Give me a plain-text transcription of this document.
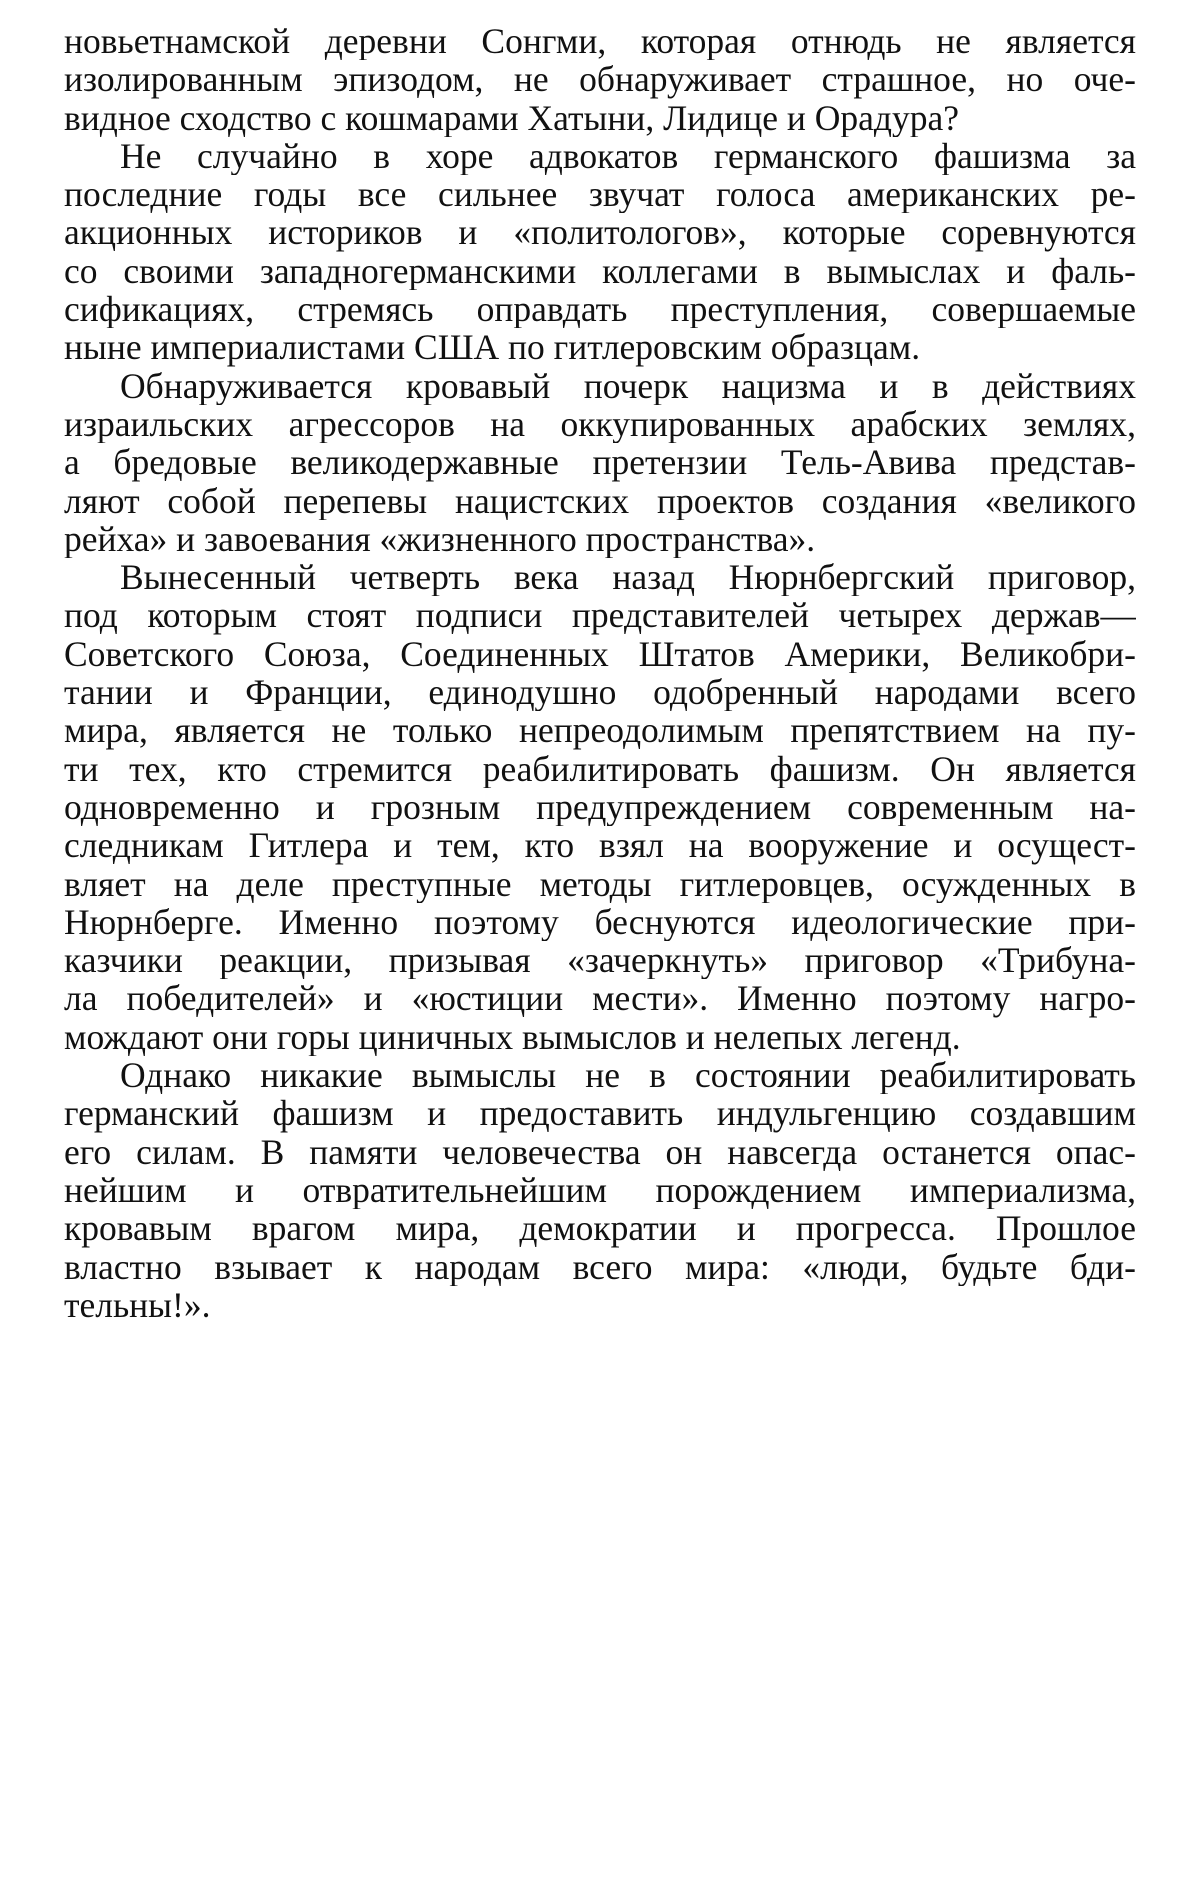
новьетнамской деревни Сонгми, которая отнюдь не является
изолированным эпизодом, не обнаруживает страшное, но оче-
видное сходство с кошмарами Хатыни, Лидице и Орадура?
Не случайно в хоре адвокатов германского фашизма за
последние годы все сильнее звучат голоса американских ре-
акционных историков и «политологов», которые соревнуются
со своими западногерманскими коллегами в вымыслах и фаль-
сификациях, стремясь оправдать преступления, совершаемые
ныне империалистами США по гитлеровским образцам.
Обнаруживается кровавый почерк нацизма и в действиях
израильских агрессоров на оккупированных арабских землях,
а бредовые великодержавные претензии Тель-Авива представ-
ляют собой перепевы нацистских проектов создания «великого
рейха» и завоевания «жизненного пространства».
Вынесенный четверть века назад Нюрнбергский приговор,
под которым стоят подписи представителей четырех держав—
Советского Союза, Соединенных Штатов Америки, Великобри-
тании и Франции, единодушно одобренный народами всего
мира, является не только непреодолимым препятствием на пу-
ти тех, кто стремится реабилитировать фашизм. Он является
одновременно и грозным предупреждением современным на-
следникам Гитлера и тем, кто взял на вооружение и осущест-
вляет на деле преступные методы гитлеровцев, осужденных в
Нюрнберге. Именно поэтому беснуются идеологические при-
казчики реакции, призывая «зачеркнуть» приговор «Трибуна-
ла победителей» и «юстиции мести». Именно поэтому нагро-
мождают они горы циничных вымыслов и нелепых легенд.
Однако никакие вымыслы не в состоянии реабилитировать
германский фашизм и предоставить индульгенцию создавшим
его силам. В памяти человечества он навсегда останется опас-
нейшим и отвратительнейшим порождением империализма,
кровавым врагом мира, демократии и прогресса. Прошлое
властно взывает к народам всего мира: «люди, будьте бди-
тельны!».
